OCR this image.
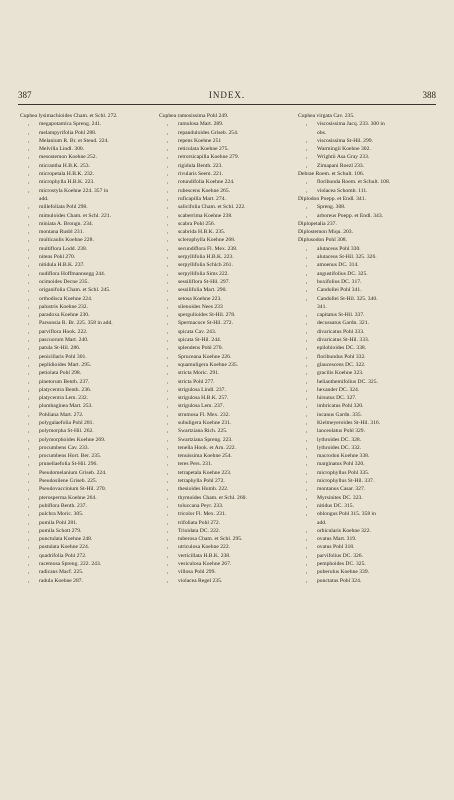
387	INDEX.	388
Cuphea lysimachioides Cham. et Schl. 272.
, megapotamica Spreng. 241.
, melampyrifolia Pohl 288.
, Melanium R. Br. et Steud. 224.
, Melvilla Lindl. 300.
, mesostemon Koehne 252.
, micrantha H.B.K. 253.
, micropetala H.B.K. 232.
, microphylla H.B.K. 223.
, microstyla Koehne 224. 357 in
add.
, millefoliata Pohl 298.
, mimuloides Cham. et Schl. 221.
, miniata A. Brongn. 234.
, montana Rusbl 231.
, multicaulis Koehne 228.
, multiflora Lodd. 238.
, nitens Pohl 270.
, nitidula H.B.K. 237.
, nudiflora Hoffmannsegg 244.
, ocimoides Decne 235.
, origanifolia Cham. et Schl. 245.
, orthodisca Koehne 224.
, palustris Koehne 232.
, paradoxa Koehne 230.
, Parsonsia R. Br. 225. 358 in add.
, parviflora Hook. 222.
, pascuorum Mart. 240.
, patula St-Hil. 286.
, penicillaris Pohl 301.
, peplidioides Mart. 295.
, petiolata Pohl 298.
, pinetorum Benth. 237.
, platycentra Benth. 236.
, platycentra Lem. 232.
, plumbaginea Mart. 253.
, Pohliana Mart. 272.
, polygalaefolia Pohl 281.
, polymorpha St-Hil. 262.
, polymorphoides Koehne 269.
, procumbens Cav. 233.
, procumbens Hort. Ber. 235.
, prunellaefolia St-Hil. 296.
, Pseudomelanium Griseb. 224.
, Pseudosilene Griseb. 225.
, Pseudovaccinium St-Hil. 270.
, pterosperma Koehne 264.
, pubiflora Benth. 237.
, pulchra Moric. 305.
, pumila Pohl 281.
, pumila Schott 279.
, punctulata Koehne 248.
, pustulata Koehne 224.
, quadrifolia Pohl 272.
, racemosa Spreng. 222. 243.
, radicans Macf. 225.
, radula Koehne 287.
Cuphea ramosissima Pohl 249.
, ramulosa Mart. 289.
, repanduloides Griseb. 254.
, repens Koehne 251
, reticulata Koehne 275.
, retrorsicapilla Koehne 279.
, rigidula Benth. 223.
, rivularis Seem. 221.
, rotundifolia Koehne 224.
, rubescens Koehne 265.
, ruficapilla Mart. 274.
, salicifolia Cham. et Schl. 222.
, scaberrima Koehne 238.
, scabra Pohl 256.
, scabrida H.B.K. 235.
, sclerophylla Koehne 268.
, secundiflora Fl. Mex. 238.
, serpyllifolia H.B.K. 223.
, serpyllifolia Schlch 261.
, serpyllifolia Sims 222.
, sessiliflora St-Hil. 297.
, sessilifolia Mart. 290.
, setosa Koehne 223.
, silenoides Nees 233
, spergulioides St-Hil. 278.
, Spermacoce St-Hil. 272.
, spicata Cav. 243.
, spicata St-Hil. 244.
, splendens Pohl 270.
, Spruceana Koehne 226.
, squamuligera Koehne 235.
, stricta Moric. 291.
, stricta Pohl 277.
, strigulosa Lindl. 237.
, strigulosa H.B.K. 257.
, strigulosa Lem. 237.
, strumosa Fl. Mex. 232.
, subuligera Koehne 231.
, Swartziana Rich. 225.
, Swartziana Spreng. 223.
, tenella Hook. et Arn. 222.
, tenuissima Koehne 254.
, teres Pers. 231.
, tetrapetala Koehne 223.
, tetraphylla Pohl 272.
, thesioides Humb. 222.
, thymoides Cham. et Schl. 260.
, toluccana Peyr. 233.
, tricolor Fl. Mex. 231.
, trifoliata Pohl 272.
, Trioidata DC. 222.
, tuberosa Cham. et Schl. 295.
, utriculosa Koehne 222.
, verticillata H.B.K. 238.
, vesiculosa Koehne 267.
, villosa Pohl 299.
, violacea Regel 235.
Cuphea virgata Cav. 235.
, viscosissima Jacq. 233. 300 in
obs.
, viscosissima St-Hil. 299.
, Warmingii Koehne 302.
, Wrightii Asa Gray 233.
, Zimapani Roezl 233.
Debrae Roem. et Schult. 106.
, floribunda Roem. et Schult. 108.
, violacea Schomb. 111.
Diplodon Poepp. et Endl. 341.
, Spreng. 308.
, arboreus Poepp. et Endl. 343.
Diplopetalia 237.
Diplostemon Miqu. 203.
Diplusodon Pohl 308.
, alutaceus Pohl 330.
, alutaceus St-Hil. 325. 326.
, amoenus DC. 314.
, angustifolius DC. 325.
, buxifolius DC. 317.
, Candollei Pohl 341.
, Candollei St-Hil. 325. 340.
341.
, capitatus St-Hil. 337.
, decussatus Gardn. 321.
, divaricatus Pohl 333.
, divaricatus St-Hil. 333.
, epilobioides DC. 338.
, floribundus Pohl 332.
, glaucescens DC. 322.
, gracilis Koehne 323.
, helianthemifolius DC. 325.
, hexander DC. 324.
, hirsutus DC. 327.
, imbricatus Pohl 320.
, incanus Gardn. 335.
, Kielmeyeroides St-Hil. 316.
, lanceolatus Pohl 329.
, lythroides DC. 328.
, lythroides DC. 332.
, macrodon Koehne 338.
, marginatus Pohl 320.
, microphyllus Pohl 335.
, microphyllus St-Hil. 337.
, montanus Casar. 327.
, Myrsinites DC. 323.
, nitidus DC. 315.
, oblongus Pohl 315. 358 in
add.
, orbicularis Koehne 322.
, ovatus Mart. 319.
, ovatus Pohl 318.
, parvifolius DC. 326.
, pemphoides DC. 325.
, puberulus Koehne 339.
, punctatus Pohl 324.
